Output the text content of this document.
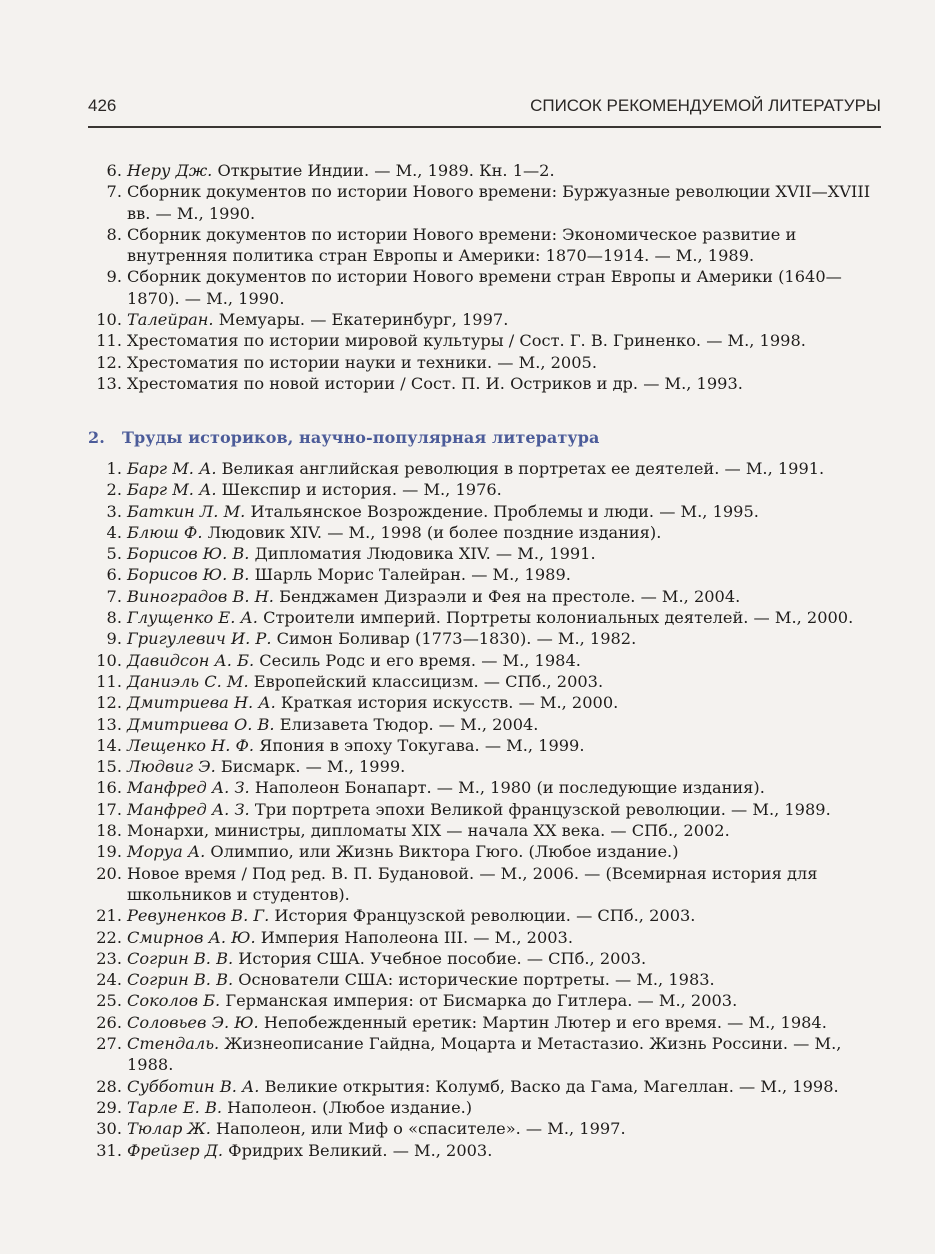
426	СПИСОК РЕКОМЕНДУЕМОЙ ЛИТЕРАТУРЫ
6. Неру Дж. Открытие Индии. — М., 1989. Кн. 1—2.
7. Сборник документов по истории Нового времени: Буржуазные революции XVII—XVIII вв. — М., 1990.
8. Сборник документов по истории Нового времени: Экономическое развитие и внутренняя политика стран Европы и Америки: 1870—1914. — М., 1989.
9. Сборник документов по истории Нового времени стран Европы и Америки (1640—1870). — М., 1990.
10. Талейран. Мемуары. — Екатеринбург, 1997.
11. Хрестоматия по истории мировой культуры / Сост. Г. В. Гриненко. — М., 1998.
12. Хрестоматия по истории науки и техники. — М., 2005.
13. Хрестоматия по новой истории / Сост. П. И. Остриков и др. — М., 1993.
2. Труды историков, научно-популярная литература
1. Барг М. А. Великая английская революция в портретах ее деятелей. — М., 1991.
2. Барг М. А. Шекспир и история. — М., 1976.
3. Баткин Л. М. Итальянское Возрождение. Проблемы и люди. — М., 1995.
4. Блюш Ф. Людовик XIV. — М., 1998 (и более поздние издания).
5. Борисов Ю. В. Дипломатия Людовика XIV. — М., 1991.
6. Борисов Ю. В. Шарль Морис Талейран. — М., 1989.
7. Виноградов В. Н. Бенджамен Дизраэли и Фея на престоле. — М., 2004.
8. Глущенко Е. А. Строители империй. Портреты колониальных деятелей. — М., 2000.
9. Григулевич И. Р. Симон Боливар (1773—1830). — М., 1982.
10. Давидсон А. Б. Сесиль Родс и его время. — М., 1984.
11. Даниэль С. М. Европейский классицизм. — СПб., 2003.
12. Дмитриева Н. А. Краткая история искусств. — М., 2000.
13. Дмитриева О. В. Елизавета Тюдор. — М., 2004.
14. Лещенко Н. Ф. Япония в эпоху Токугава. — М., 1999.
15. Людвиг Э. Бисмарк. — М., 1999.
16. Манфред А. З. Наполеон Бонапарт. — М., 1980 (и последующие издания).
17. Манфред А. З. Три портрета эпохи Великой французской революции. — М., 1989.
18. Монархи, министры, дипломаты XIX — начала XX века. — СПб., 2002.
19. Моруа А. Олимпио, или Жизнь Виктора Гюго. (Любое издание.)
20. Новое время / Под ред. В. П. Будановой. — М., 2006. — (Всемирная история для школьников и студентов).
21. Ревуненков В. Г. История Французской революции. — СПб., 2003.
22. Смирнов А. Ю. Империя Наполеона III. — М., 2003.
23. Согрин В. В. История США. Учебное пособие. — СПб., 2003.
24. Согрин В. В. Основатели США: исторические портреты. — М., 1983.
25. Соколов Б. Германская империя: от Бисмарка до Гитлера. — М., 2003.
26. Соловьев Э. Ю. Непобежденный еретик: Мартин Лютер и его время. — М., 1984.
27. Стендаль. Жизнеописание Гайдна, Моцарта и Метастазио. Жизнь Россини. — М., 1988.
28. Субботин В. А. Великие открытия: Колумб, Васко да Гама, Магеллан. — М., 1998.
29. Тарле Е. В. Наполеон. (Любое издание.)
30. Тюлар Ж. Наполеон, или Миф о «спасителе». — М., 1997.
31. Фрейзер Д. Фридрих Великий. — М., 2003.
